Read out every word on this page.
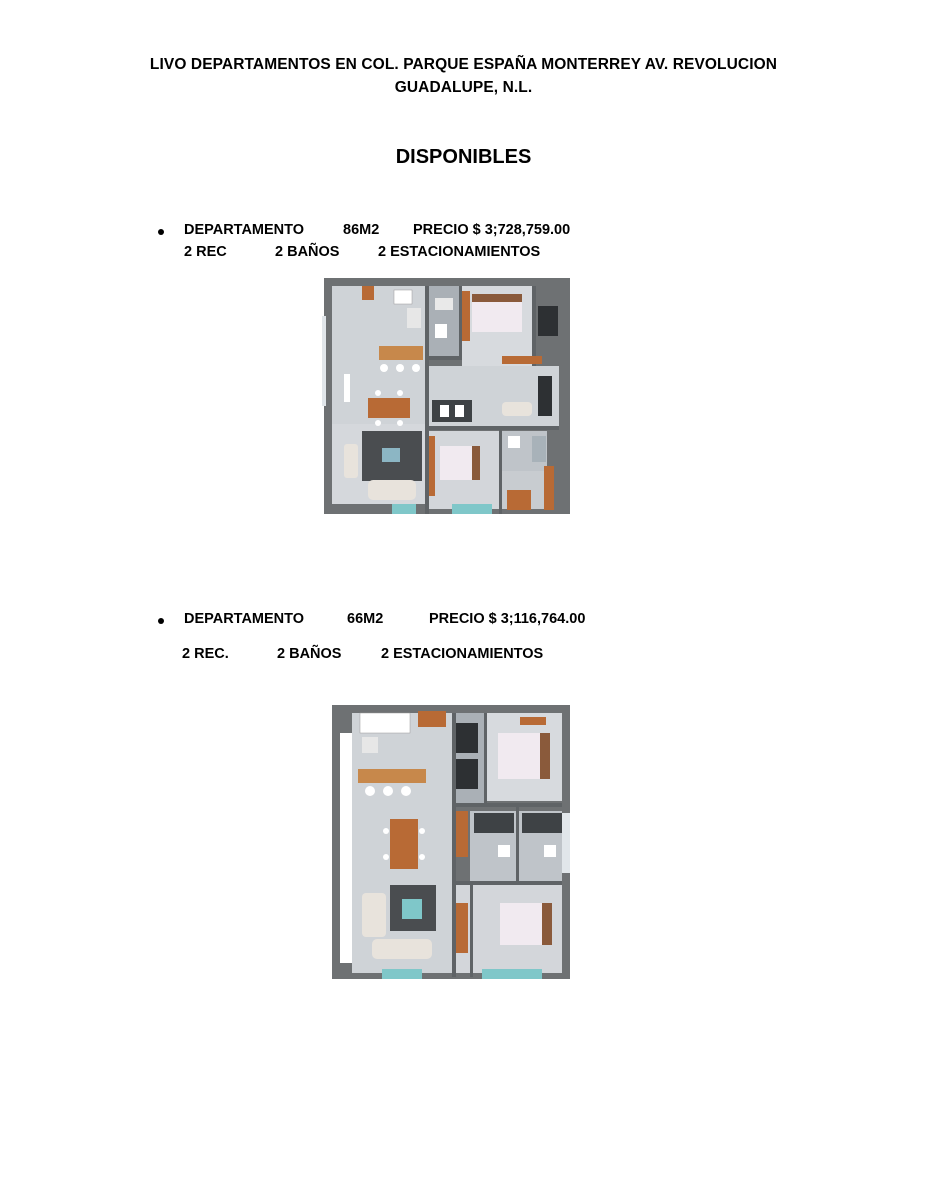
LIVO DEPARTAMENTOS EN COL. PARQUE ESPAÑA MONTERREY AV. REVOLUCION
GUADALUPE, N.L.
DISPONIBLES
DEPARTAMENTO	86M2 PRECIO $ 3;728,759.00
2 REC	2 BAÑOS	2 ESTACIONAMIENTOS
DEPARTAMENTO	66M2	PRECIO $ 3;116,764.00
2 REC.	2 BAÑOS	2 ESTACIONAMIENTOS
